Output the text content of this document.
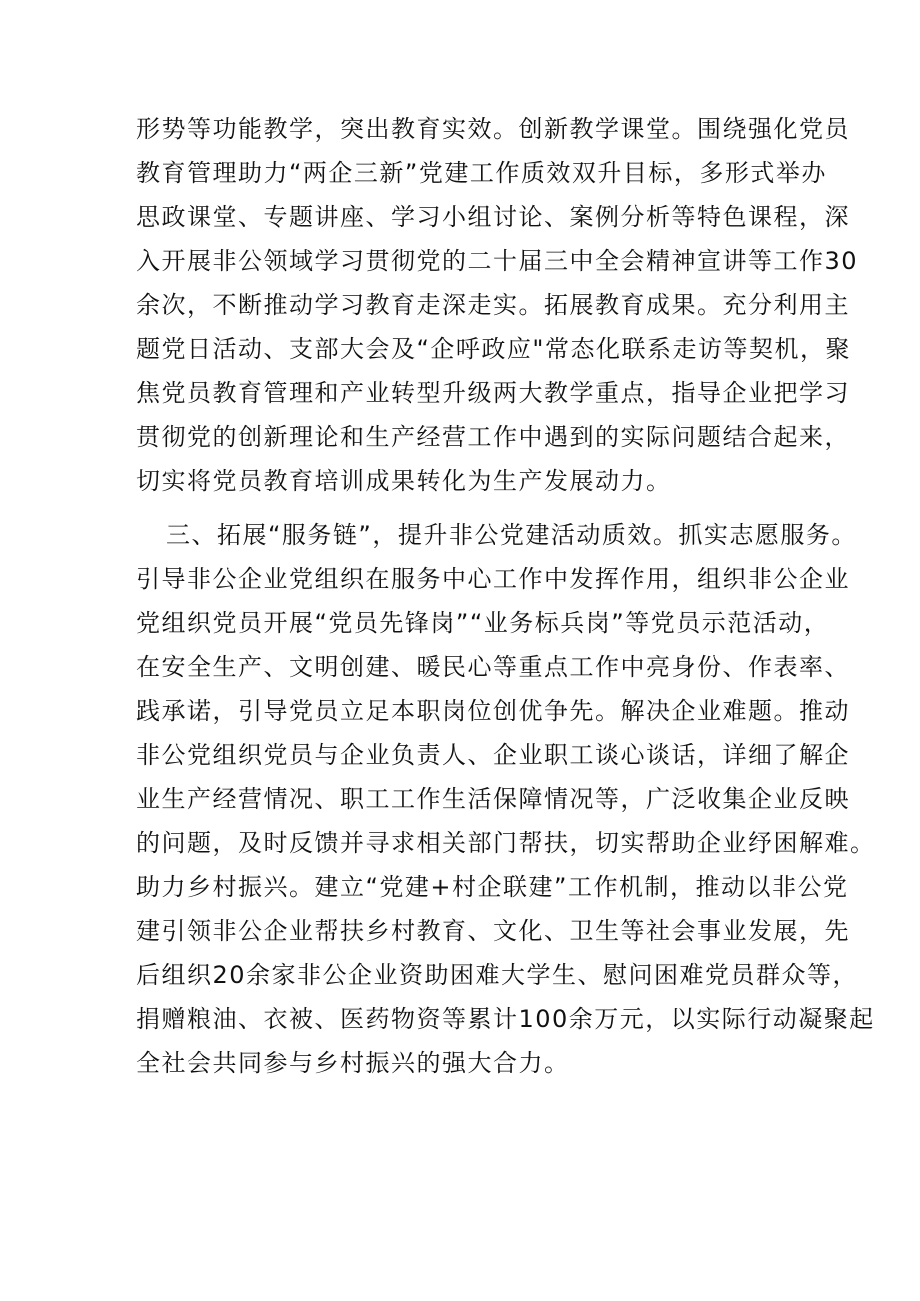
形势等功能教学，突出教育实效。创新教学课堂。围绕强化党员
教育管理助力“两企三新”党建工作质效双升目标，多形式举办
思政课堂、专题讲座、学习小组讨论、案例分析等特色课程，深
入开展非公领域学习贯彻党的二十届三中全会精神宣讲等工作30
余次，不断推动学习教育走深走实。拓展教育成果。充分利用主
题党日活动、支部大会及“企呼政应"常态化联系走访等契机，聚
焦党员教育管理和产业转型升级两大教学重点，指导企业把学习
贯彻党的创新理论和生产经营工作中遇到的实际问题结合起来，
切实将党员教育培训成果转化为生产发展动力。
三、拓展“服务链”，提升非公党建活动质效。抓实志愿服务。
引导非公企业党组织在服务中心工作中发挥作用，组织非公企业
党组织党员开展“党员先锋岗”“业务标兵岗”等党员示范活动，
在安全生产、文明创建、暖民心等重点工作中亮身份、作表率、
践承诺，引导党员立足本职岗位创优争先。解决企业难题。推动
非公党组织党员与企业负责人、企业职工谈心谈话，详细了解企
业生产经营情况、职工工作生活保障情况等，广泛收集企业反映
的问题，及时反馈并寻求相关部门帮扶，切实帮助企业纾困解难。
助力乡村振兴。建立“党建+村企联建”工作机制，推动以非公党
建引领非公企业帮扶乡村教育、文化、卫生等社会事业发展，先
后组织20余家非公企业资助困难大学生、慰问困难党员群众等，
捐赠粮油、衣被、医药物资等累计100余万元，以实际行动凝聚起
全社会共同参与乡村振兴的强大合力。
